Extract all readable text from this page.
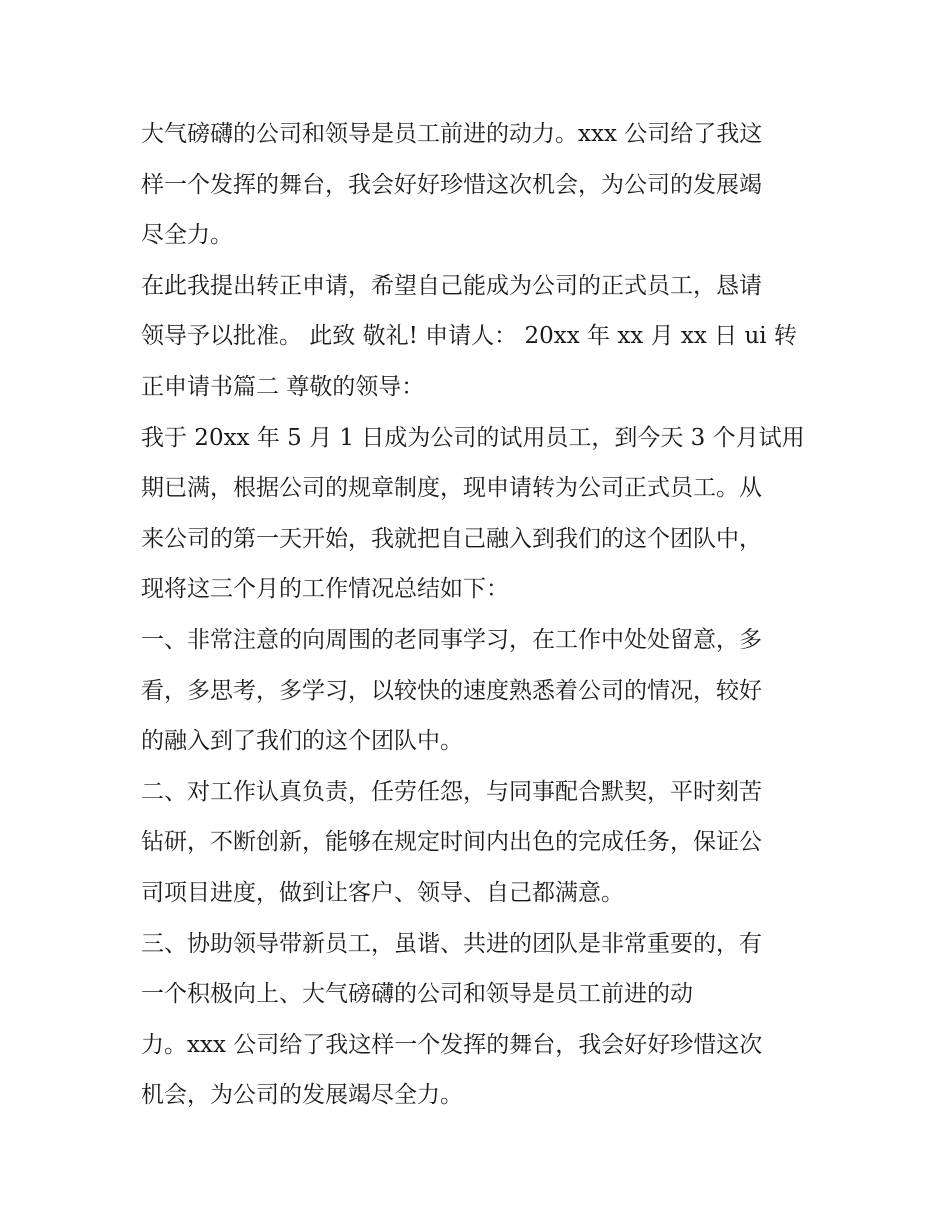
大气磅礴的公司和领导是员工前进的动力。xxx 公司给了我这
样一个发挥的舞台，我会好好珍惜这次机会，为公司的发展竭
尽全力。
在此我提出转正申请，希望自己能成为公司的正式员工，恳请
领导予以批准。 此致 敬礼! 申请人： 20xx 年 xx 月 xx 日 ui 转
正申请书篇二 尊敬的领导：
我于 20xx 年 5 月 1 日成为公司的试用员工，到今天 3 个月试用
期已满，根据公司的规章制度，现申请转为公司正式员工。从
来公司的第一天开始，我就把自己融入到我们的这个团队中，
现将这三个月的工作情况总结如下：
一、非常注意的向周围的老同事学习，在工作中处处留意，多
看，多思考，多学习，以较快的速度熟悉着公司的情况，较好
的融入到了我们的这个团队中。
二、对工作认真负责，任劳任怨，与同事配合默契，平时刻苦
钻研，不断创新，能够在规定时间内出色的完成任务，保证公
司项目进度，做到让客户、领导、自己都满意。
三、协助领导带新员工，虽谐、共进的团队是非常重要的，有
一个积极向上、大气磅礴的公司和领导是员工前进的动
力。xxx 公司给了我这样一个发挥的舞台，我会好好珍惜这次
机会，为公司的发展竭尽全力。
